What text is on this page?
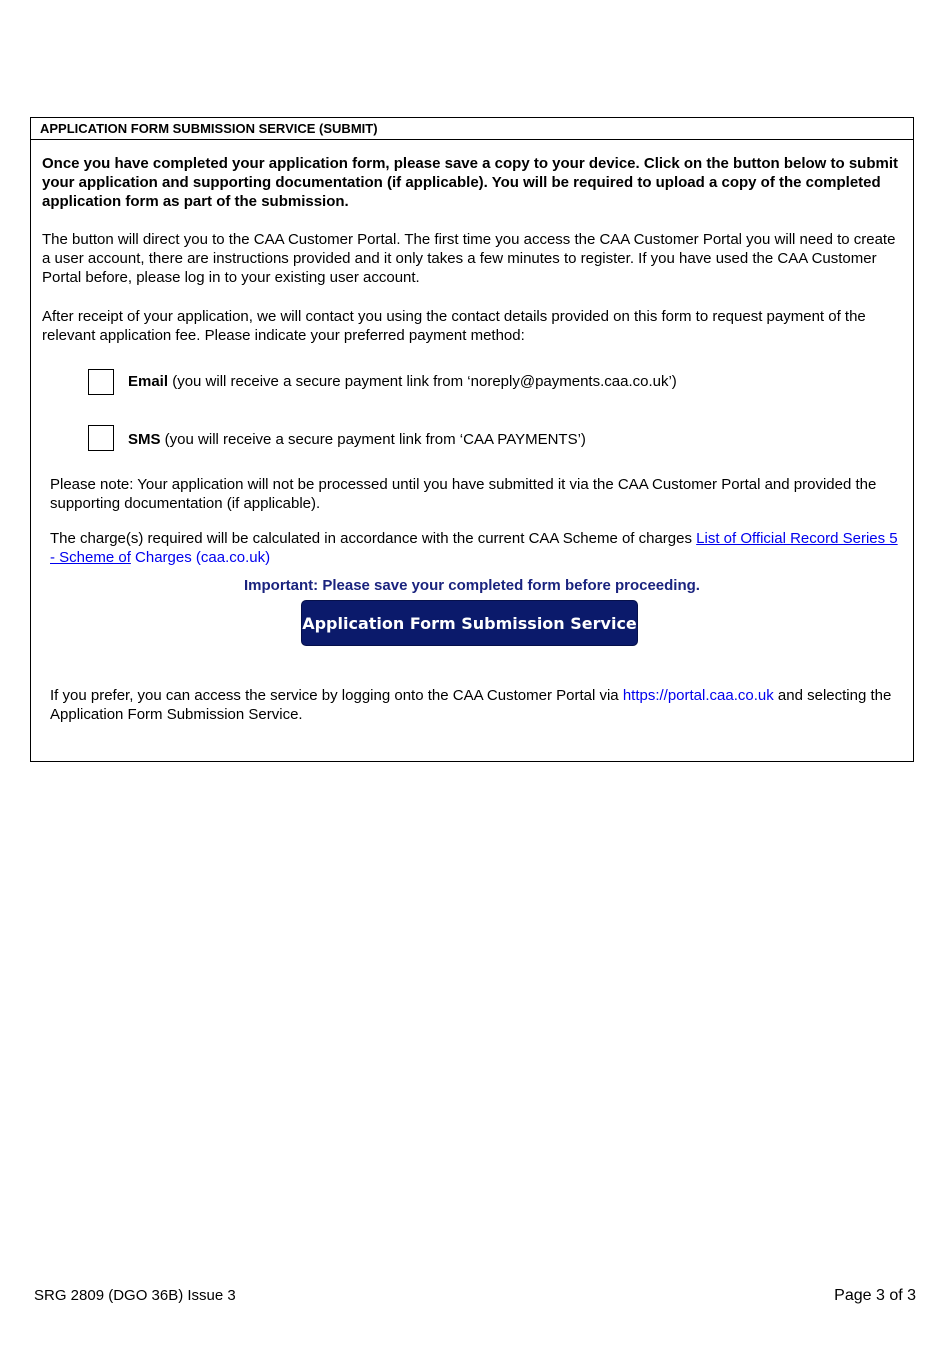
APPLICATION FORM SUBMISSION SERVICE (SUBMIT)
Once you have completed your application form, please save a copy to your device. Click on the button below to submit your application and supporting documentation (if applicable). You will be required to upload a copy of the completed application form as part of the submission.
The button will direct you to the CAA Customer Portal. The first time you access the CAA Customer Portal you will need to create a user account, there are instructions provided and it only takes a few minutes to register. If you have used the CAA Customer Portal before, please log in to your existing user account.
After receipt of your application, we will contact you using the contact details provided on this form to request payment of the relevant application fee. Please indicate your preferred payment method:
Email (you will receive a secure payment link from ‘noreply@payments.caa.co.uk’)
SMS (you will receive a secure payment link from ‘CAA PAYMENTS’)
Please note: Your application will not be processed until you have submitted it via the CAA Customer Portal and provided the supporting documentation (if applicable).
The charge(s) required will be calculated in accordance with the current CAA Scheme of charges List of Official Record Series 5 - Scheme of Charges (caa.co.uk)
Important: Please save your completed form before proceeding.
Application Form Submission Service
If you prefer, you can access the service by logging onto the CAA Customer Portal via https://portal.caa.co.uk and selecting the Application Form Submission Service.
SRG 2809 (DGO 36B) Issue 3	Page 3 of 3
